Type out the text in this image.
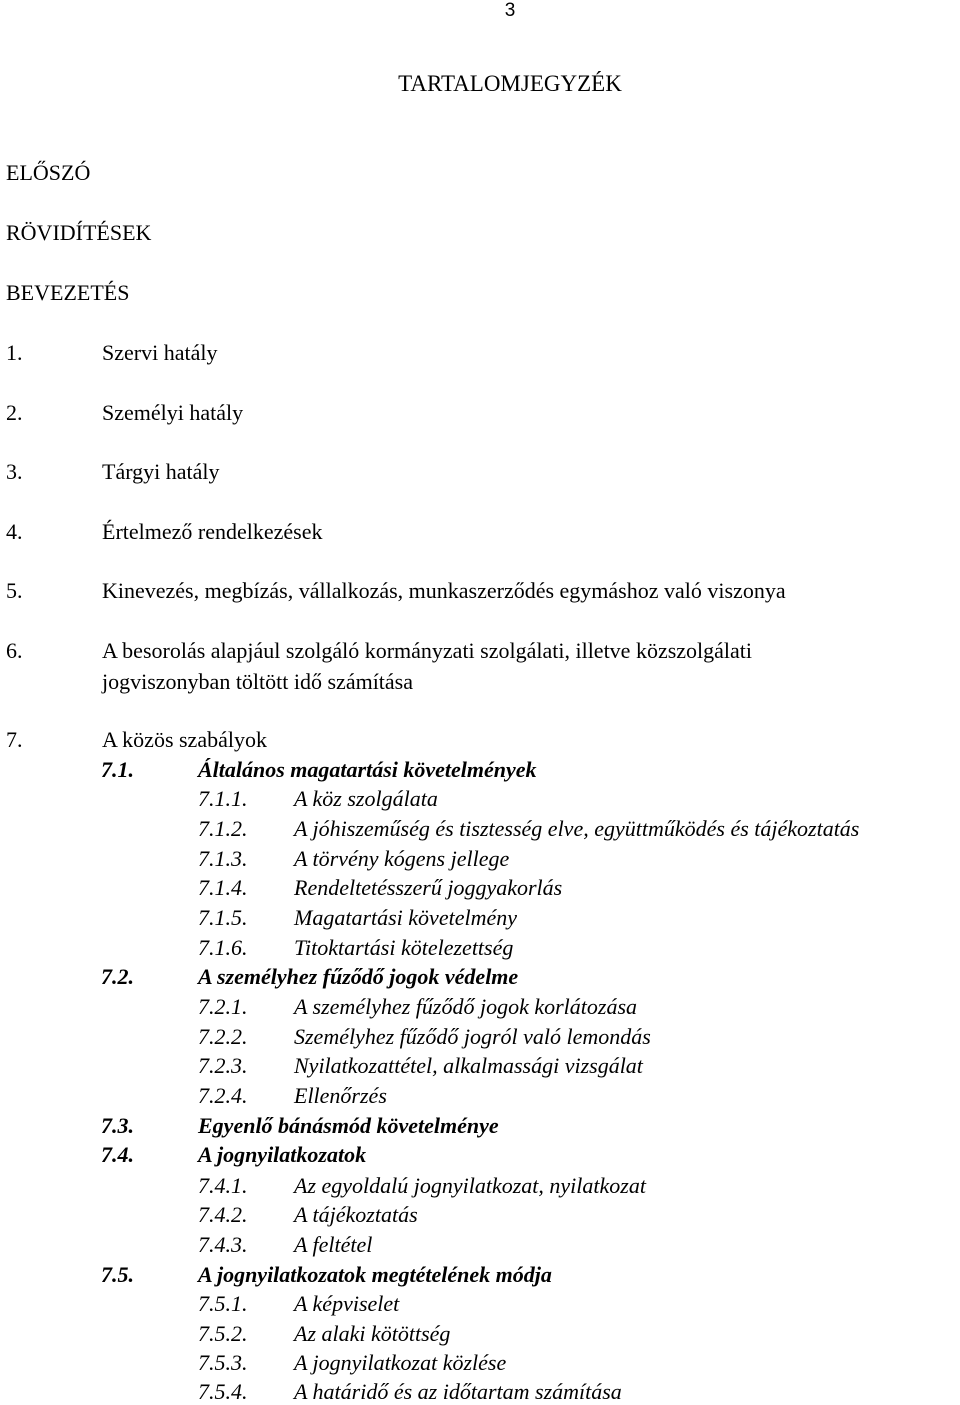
3
TARTALOMJEGYZÉK
ELŐSZÓ
RÖVIDÍTÉSEK
BEVEZETÉS
1.	Szervi hatály
2.	Személyi hatály
3.	Tárgyi hatály
4.	Értelmező rendelkezések
5.	Kinevezés, megbízás, vállalkozás, munkaszerződés egymáshoz való viszonya
6.	A besorolás alapjául szolgáló kormányzati szolgálati, illetve közszolgálati
jogviszonyban töltött idő számítása
7.	A közös szabályok
7.1.	Általános magatartási követelmények
7.1.1. A köz szolgálata
7.1.2. A jóhiszeműség és tisztesség elve, együttműködés és tájékoztatás
7.1.3. A törvény kógens jellege
7.1.4. Rendeltetésszerű joggyakorlás
7.1.5. Magatartási követelmény
7.1.6. Titoktartási kötelezettség
7.2.	A személyhez fűződő jogok védelme
7.2.1. A személyhez fűződő jogok korlátozása
7.2.2. Személyhez fűződő jogról való lemondás
7.2.3. Nyilatkozattétel, alkalmassági vizsgálat
7.2.4. Ellenőrzés
7.3.	Egyenlő bánásmód követelménye
7.4.	A jognyilatkozatok
7.4.1. Az egyoldalú jognyilatkozat, nyilatkozat
7.4.2. A tájékoztatás
7.4.3. A feltétel
7.5.	A jognyilatkozatok megtételének módja
7.5.1. A képviselet
7.5.2. Az alaki kötöttség
7.5.3. A jognyilatkozat közlése
7.5.4. A határidő és az időtartam számítása
